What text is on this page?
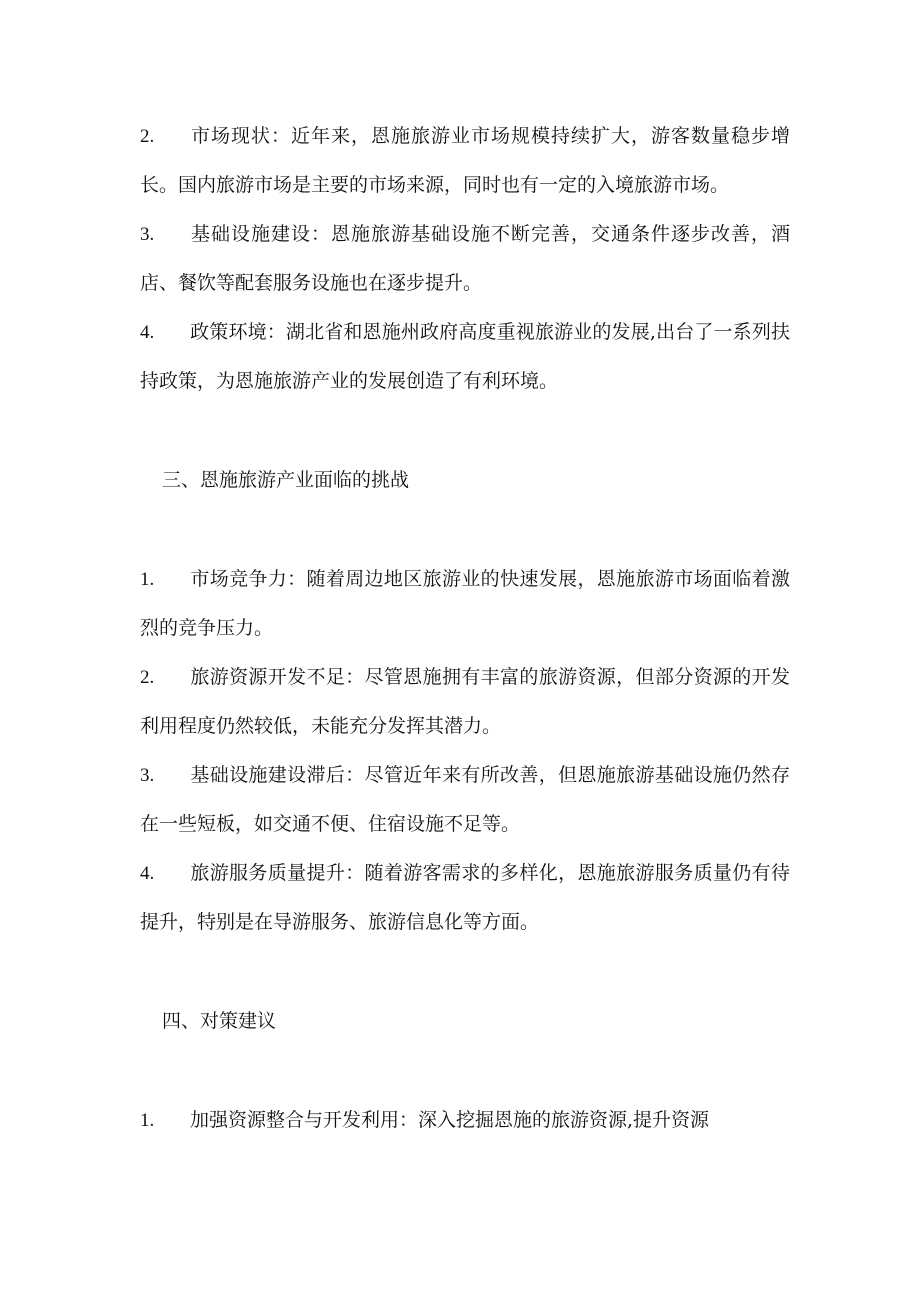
2. 市场现状：近年来，恩施旅游业市场规模持续扩大，游客数量稳步增长。国内旅游市场是主要的市场来源，同时也有一定的入境旅游市场。

3. 基础设施建设：恩施旅游基础设施不断完善，交通条件逐步改善，酒店、餐饮等配套服务设施也在逐步提升。

4. 政策环境：湖北省和恩施州政府高度重视旅游业的发展,出台了一系列扶持政策，为恩施旅游产业的发展创造了有利环境。

三、恩施旅游产业面临的挑战

1. 市场竞争力：随着周边地区旅游业的快速发展，恩施旅游市场面临着激烈的竞争压力。

2. 旅游资源开发不足：尽管恩施拥有丰富的旅游资源，但部分资源的开发利用程度仍然较低，未能充分发挥其潜力。

3. 基础设施建设滞后：尽管近年来有所改善，但恩施旅游基础设施仍然存在一些短板，如交通不便、住宿设施不足等。

4. 旅游服务质量提升：随着游客需求的多样化，恩施旅游服务质量仍有待提升，特别是在导游服务、旅游信息化等方面。

四、对策建议

1. 加强资源整合与开发利用：深入挖掘恩施的旅游资源,提升资源
